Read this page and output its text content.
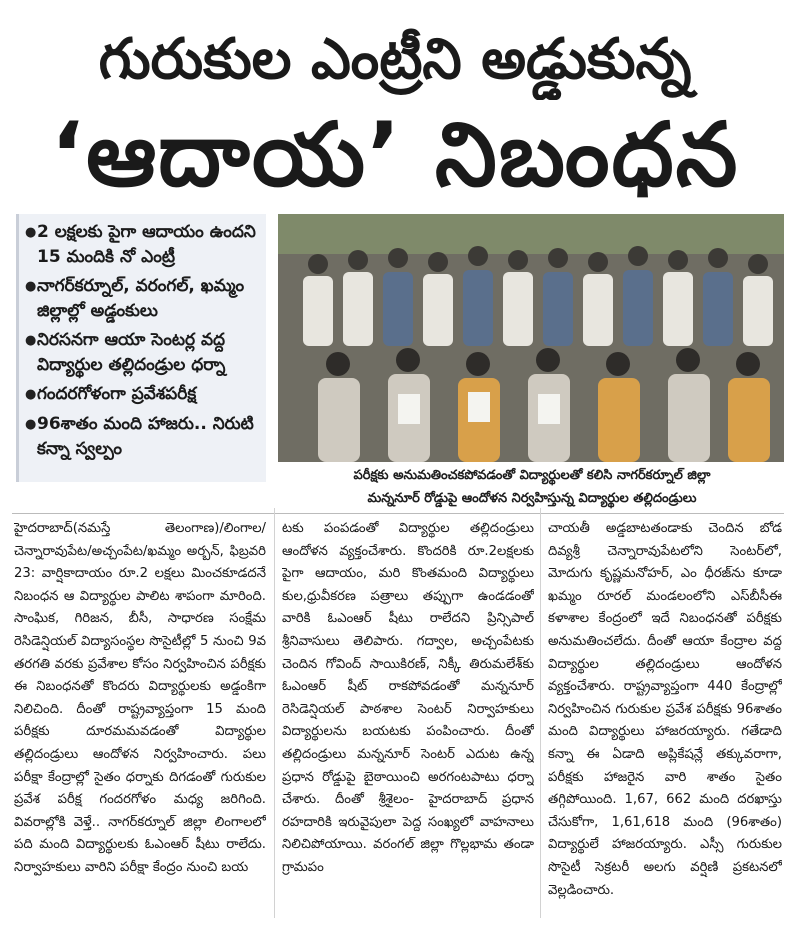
గురుకుల ఎంట్రీని అడ్డుకున్న
‘ఆదాయ’ నిబంధన
● 2 లక్షలకు పైగా ఆదాయం ఉందని 15 మందికి నో ఎంట్రీ
● నాగర్‌కర్నూల్‌, వరంగల్‌, ఖమ్మం జిల్లాల్లో అడ్డంకులు
● నిరసనగా ఆయా సెంటర్ల వద్ద విద్యార్థుల తల్లిదండ్రుల ధర్నా
● గందరగోళంగా ప్రవేశపరీక్ష
● 96శాతం మంది హాజరు.. నిరుటి కన్నా స్వల్పం
పరీక్షకు అనుమతించకపోవడంతో విద్యార్థులతో కలిసి నాగర్‌కర్నూల్‌ జిల్లా
మన్ననూర్‌ రోడ్డుపై ఆందోళన నిర్వహిస్తున్న విద్యార్థుల తల్లిదండ్రులు
హైదరాబాద్‌(నమస్తే తెలంగాణ)/లింగాల/చెన్నారావుపేట/అచ్చంపేట/ఖమ్మం అర్బన్‌, ఫిబ్రవరి 23: వార్షికాదాయం రూ.2 లక్షలు మించకూడదనే నిబంధన ఆ విద్యార్థుల పాలిట శాపంగా మారింది. సాంఘిక, గిరిజన, బీసీ, సాధారణ సంక్షేమ రెసిడెన్షియల్‌ విద్యాసంస్థల సొసైటీల్లో 5 నుంచి 9వ తరగతి వరకు ప్రవేశాల కోసం నిర్వహించిన పరీక్షకు ఈ నిబంధనతో కొందరు విద్యార్థులకు అడ్డంకిగా నిలిచింది. దీంతో రాష్ట్రవ్యాప్తంగా 15 మంది పరీక్షకు దూరమమవడంతో విద్యార్థుల తల్లిదండ్రులు ఆందోళన నిర్వహించారు. పలు పరీక్షా కేంద్రాల్లో సైతం ధర్నాకు దిగడంతో గురుకుల ప్రవేశ పరీక్ష గందరగోళం మధ్య జరిగింది. వివరాల్లోకి వెళ్తే.. నాగర్‌కర్నూల్‌ జిల్లా లింగాలలో పది మంది విద్యార్థులకు ఓఎంఆర్‌ షీటు రాలేదు. నిర్వాహకులు వారిని పరీక్షా కేంద్రం నుంచి బయ
టకు పంపడంతో విద్యార్థుల తల్లిదండ్రులు ఆందోళన వ్యక్తంచేశారు. కొందరికి రూ.2లక్షలకు పైగా ఆదాయం, మరి కొంతమంది విద్యార్థులు కుల,ధ్రువీకరణ పత్రాలు తప్పుగా ఉండడంతో వారికి ఓఎంఆర్‌ షీటు రాలేదని ప్రిన్సిపాల్‌ శ్రీనివాసులు తెలిపారు. గద్వాల, అచ్చంపేటకు చెందిన గోవింద్‌ సాయికిరణ్‌, నిక్కీ తిరుమలేశ్‌కు ఓఎంఆర్‌ షీట్‌ రాకపోవడంతో మన్ననూర్‌ రెసిడెన్షియల్‌ పాఠశాల సెంటర్‌ నిర్వాహకులు విద్యార్థులను బయటకు పంపించారు. దీంతో తల్లిదండ్రులు మన్ననూర్‌ సెంటర్‌ ఎదుట ఉన్న ప్రధాన రోడ్డుపై బైఠాయించి అరగంటపాటు ధర్నా చేశారు. దీంతో శ్రీశైలం- హైదరాబాద్‌ ప్రధాన రహదారికి ఇరువైపులా పెద్ద సంఖ్యలో వాహనాలు నిలిచిపోయాయి. వరంగల్‌ జిల్లా గొల్లభామ తండా గ్రామపం
చాయతీ అడ్డబాటతండాకు చెందిన బోడ దివ్యశ్రీ చెన్నారావుపేటలోని సెంటర్‌లో, మోదుగు కృష్ణమనోహర్‌, ఎం ధీరజ్‌ను కూడా ఖమ్మం రూరల్‌ మండలంలోని ఎస్‌బీసీఈ కళాశాల కేంద్రంలో ఇదే నిబంధనతో పరీక్షకు అనుమతించలేదు. దీంతో ఆయా కేంద్రాల వద్ద విద్యార్థుల తల్లిదండ్రులు ఆందోళన వ్యక్తంచేశారు. రాష్ట్రవ్యాప్తంగా 440 కేంద్రాల్లో నిర్వహించిన గురుకుల ప్రవేశ పరీక్షకు 96శాతం మంది విద్యార్థులు హాజరయ్యారు. గతేడాది కన్నా ఈ ఏడాది అప్లికేషన్లే తక్కువరాగా, పరీక్షకు హాజరైన వారి శాతం సైతం తగ్గిపోయింది. 1,67, 662 మంది దరఖాస్తు చేసుకోగా, 1,61,618 మంది (96శాతం) విద్యార్థులే హాజరయ్యారు. ఎస్సీ గురుకుల సొసైటీ సెక్రటరీ అలగు వర్షిణి ప్రకటనలో వెల్లడించారు.
